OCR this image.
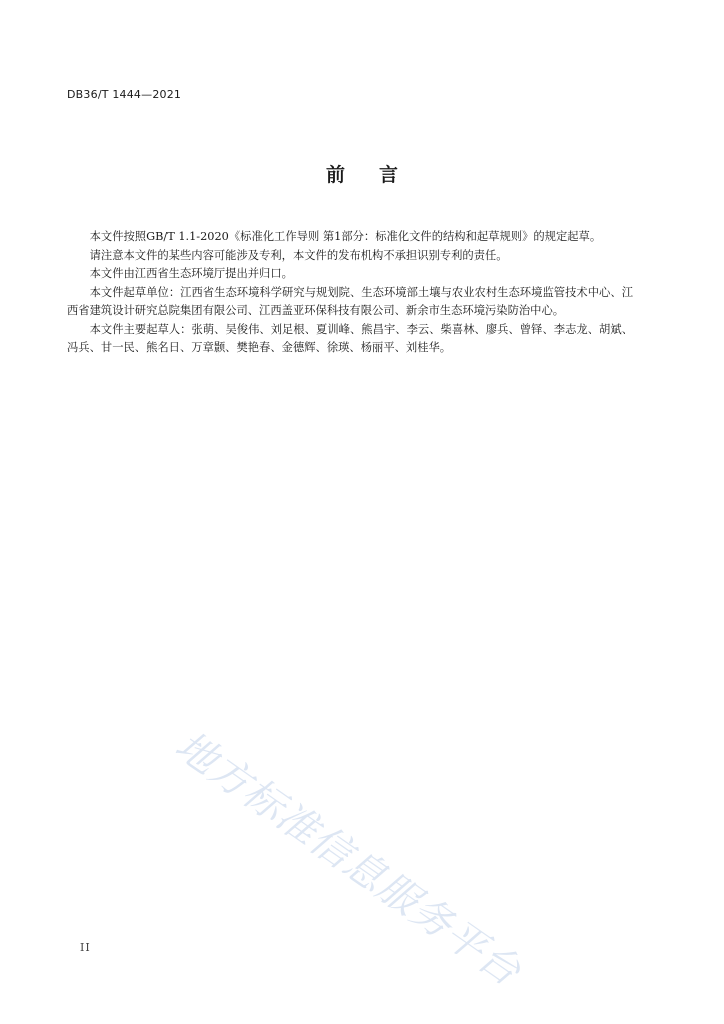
DB36/T 1444—2021
前言

本文件按照GB/T 1.1-2020《标准化工作导则 第1部分：标准化文件的结构和起草规则》的规定起草。

请注意本文件的某些内容可能涉及专利，本文件的发布机构不承担识别专利的责任。

本文件由江西省生态环境厅提出并归口。

本文件起草单位：江西省生态环境科学研究与规划院、生态环境部土壤与农业农村生态环境监管技术中心、江西省建筑设计研究总院集团有限公司、江西盖亚环保科技有限公司、新余市生态环境污染防治中心。

本文件主要起草人：张萌、吴俊伟、刘足根、夏训峰、熊昌宇、李云、柴喜林、廖兵、曾铎、李志龙、胡斌、冯兵、甘一民、熊名日、万章颢、樊艳春、金德辉、徐瑛、杨丽平、刘桂华。

地方标准信息服务平台
II
